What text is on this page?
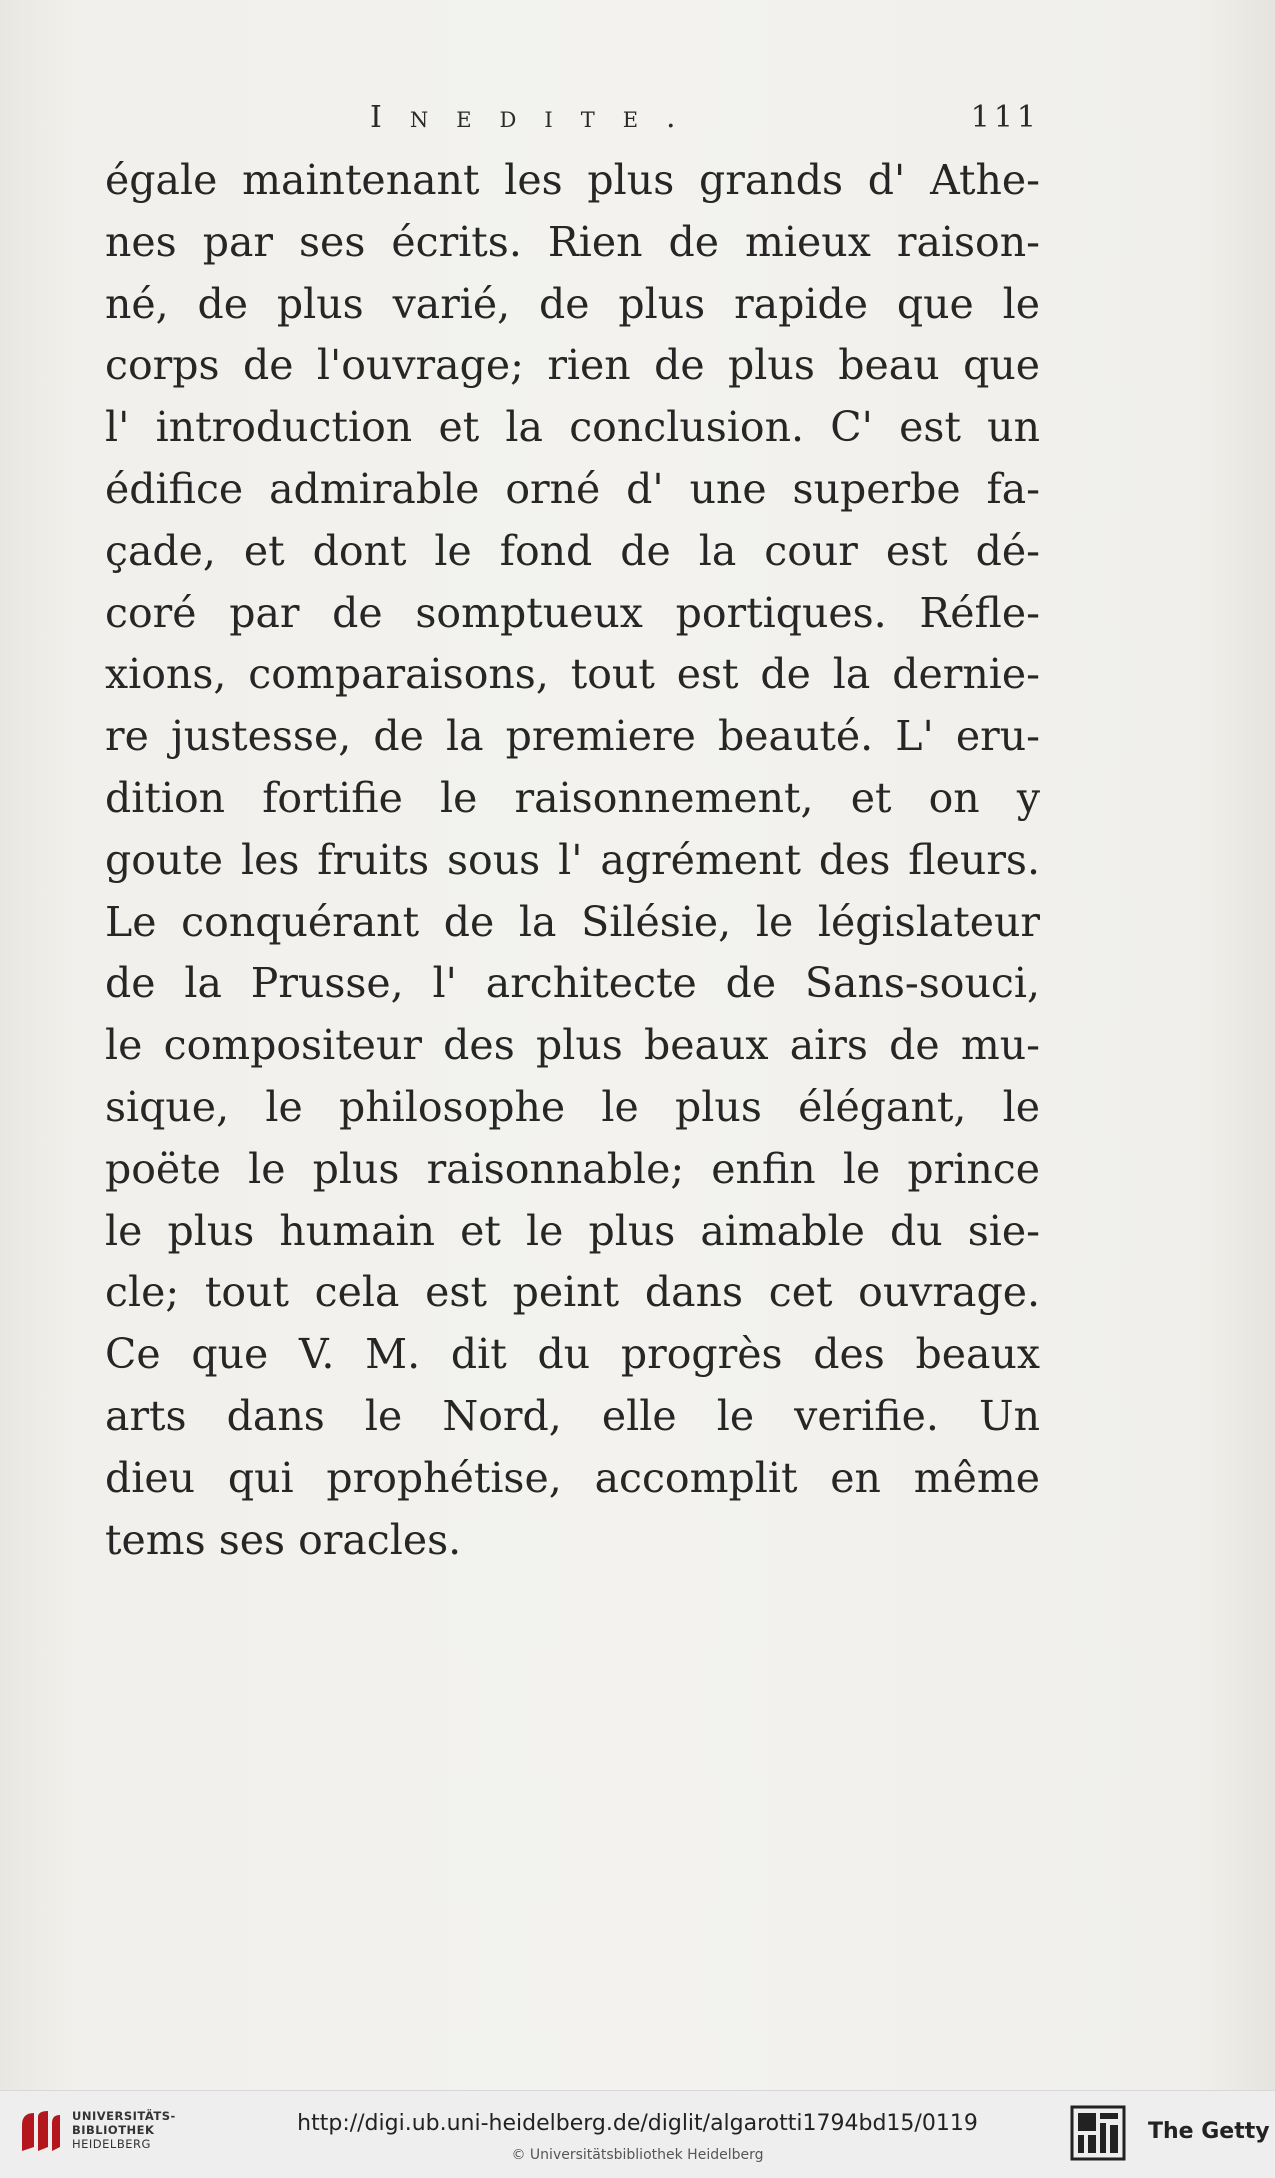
Inedite.	111
égale maintenant les plus grands d' Athe-
nes par ses écrits. Rien de mieux raison-
né, de plus varié, de plus rapide que le
corps de l'ouvrage; rien de plus beau que
l' introduction et la conclusion. C' est un
édifice admirable orné d' une superbe fa-
çade, et dont le fond de la cour est dé-
coré par de somptueux portiques. Réfle-
xions, comparaisons, tout est de la dernie-
re justesse, de la premiere beauté. L' eru-
dition fortifie le raisonnement, et on y
goute les fruits sous l' agrément des fleurs.
Le conquérant de la Silésie, le législateur
de la Prusse, l' architecte de Sans-souci,
le compositeur des plus beaux airs de mu-
sique, le philosophe le plus élégant, le
poëte le plus raisonnable; enfin le prince
le plus humain et le plus aimable du sie-
cle; tout cela est peint dans cet ouvrage.
Ce que V. M. dit du progrès des beaux
arts dans le Nord, elle le verifie. Un
dieu qui prophétise, accomplit en même
tems ses oracles.
UNIVERSITÄTS-
BIBLIOTHEK
HEIDELBERG
http://digi.ub.uni-heidelberg.de/diglit/algarotti1794bd15/0119
© Universitätsbibliothek Heidelberg
The Getty
